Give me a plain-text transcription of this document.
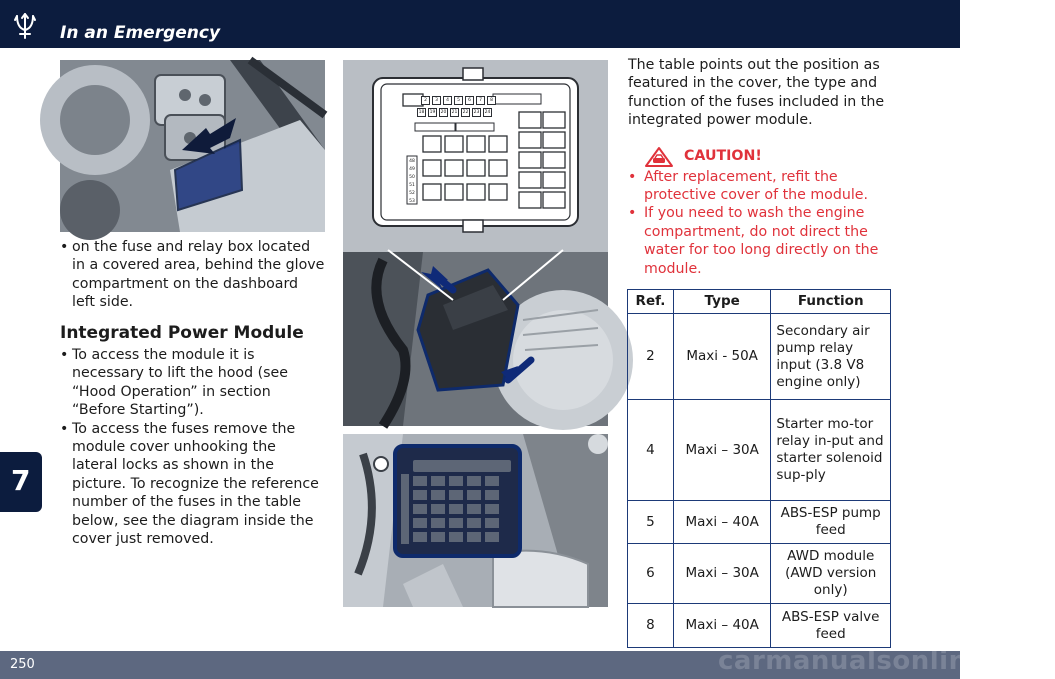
In an Emergency
7
• on the fuse and relay box located in a covered area, behind the glove compartment on the dashboard left side.
Integrated Power Module
• To access the module it is necessary to lift the hood (see “Hood Operation” in section “Before Starting”).
• To access the fuses remove the module cover unhooking the lateral locks as shown in the picture. To recognize the reference number of the fuses in the table below, see the diagram inside the cover just removed.
2	3	4	5	6	7	8
18	19	20	21	22	23	24
48
49
50
51
52
53
The table points out the position as featured in the cover, the type and function of the fuses included in the integrated power module.
CAUTION!
• After replacement, refit the protective cover of the module.
• If you need to wash the engine compartment, do not direct the water for too long directly on the module.
Ref.	Type	Function
2	Maxi - 50A	Secondary air pump relay input (3.8 V8 engine only)
4	Maxi – 30A	Starter mo-tor relay in-put and starter solenoid sup-ply
5	Maxi – 40A	ABS-ESP pump feed
6	Maxi – 30A	AWD module (AWD version only)
8	Maxi – 40A	ABS-ESP valve feed
250	carmanualsonline.info
